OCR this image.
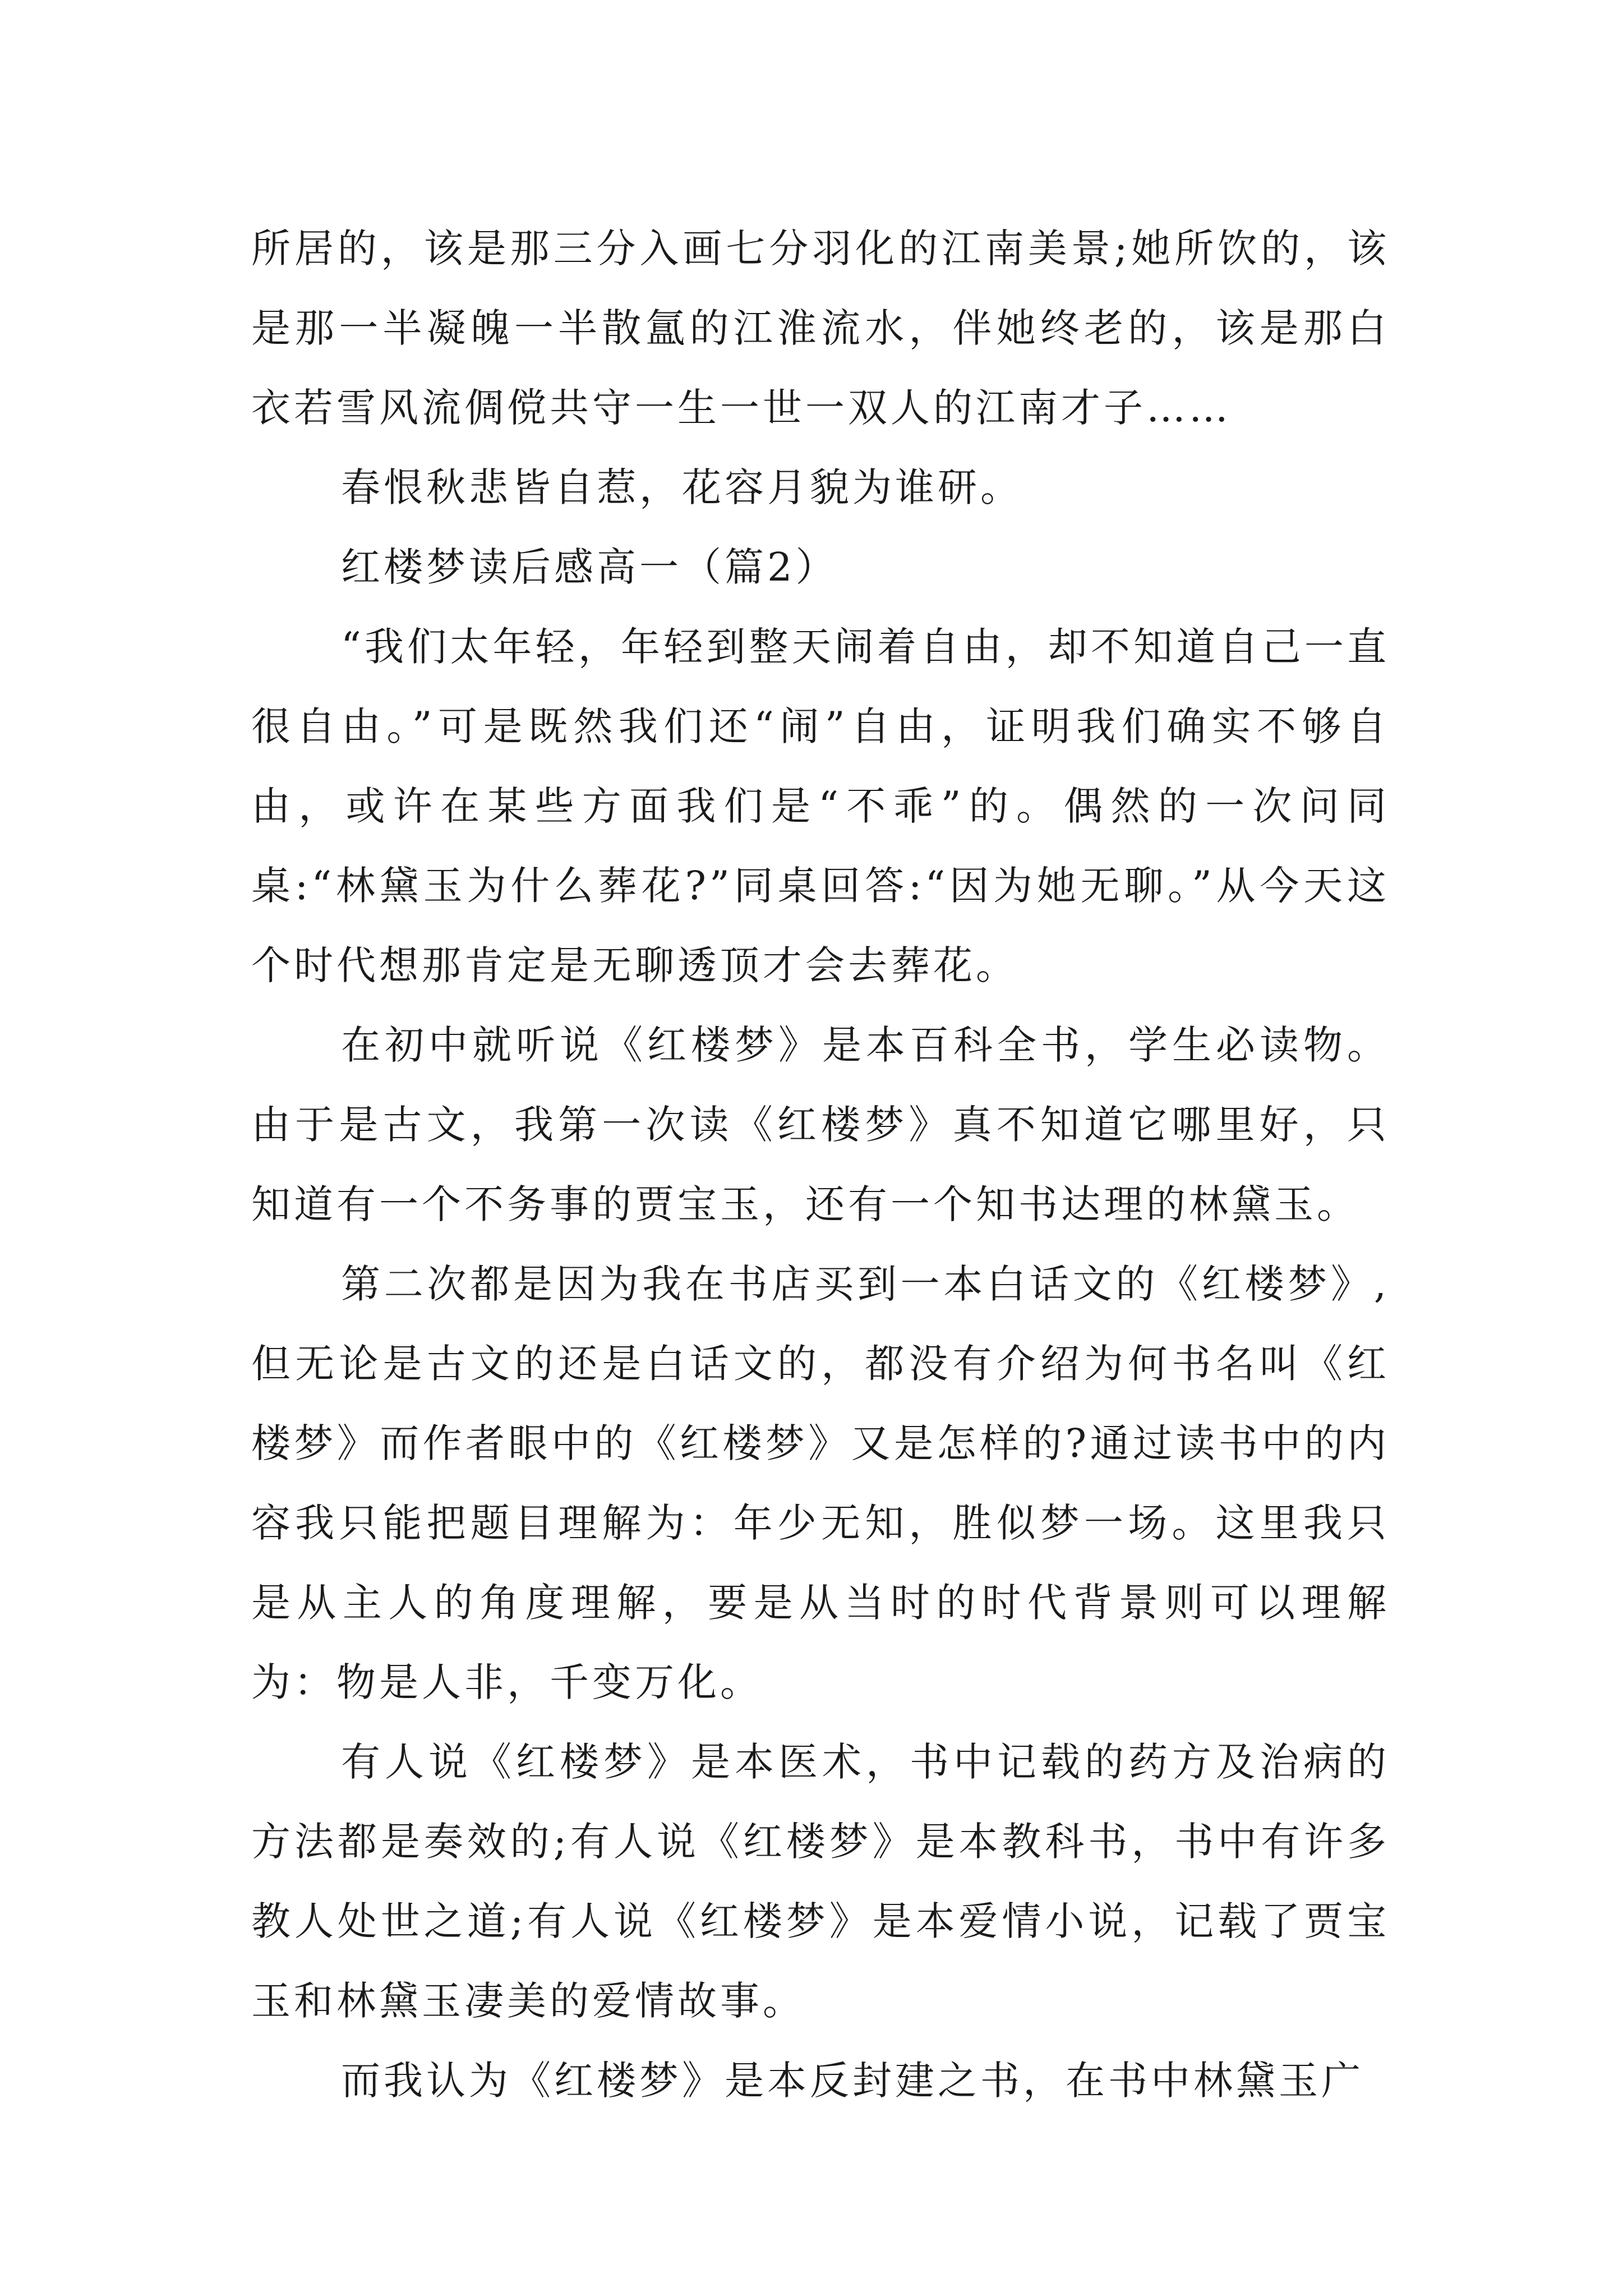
所居的，该是那三分入画七分羽化的江南美景;她所饮的，该是那一半凝魄一半散氲的江淮流水，伴她终老的，该是那白衣若雪风流倜傥共守一生一世一双人的江南才子……

春恨秋悲皆自惹，花容月貌为谁研。

红楼梦读后感高一（篇2）

“我们太年轻，年轻到整天闹着自由，却不知道自己一直很自由。”可是既然我们还“闹”自由，证明我们确实不够自由，或许在某些方面我们是“不乖”的。偶然的一次问同桌:“林黛玉为什么葬花?”同桌回答:“因为她无聊。”从今天这个时代想那肯定是无聊透顶才会去葬花。

在初中就听说《红楼梦》是本百科全书，学生必读物。由于是古文，我第一次读《红楼梦》真不知道它哪里好，只知道有一个不务事的贾宝玉，还有一个知书达理的林黛玉。

第二次都是因为我在书店买到一本白话文的《红楼梦》,但无论是古文的还是白话文的，都没有介绍为何书名叫《红楼梦》而作者眼中的《红楼梦》又是怎样的?通过读书中的内容我只能把题目理解为：年少无知，胜似梦一场。这里我只是从主人的角度理解，要是从当时的时代背景则可以理解为：物是人非，千变万化。

有人说《红楼梦》是本医术，书中记载的药方及治病的方法都是奏效的;有人说《红楼梦》是本教科书，书中有许多教人处世之道;有人说《红楼梦》是本爱情小说，记载了贾宝玉和林黛玉凄美的爱情故事。

而我认为《红楼梦》是本反封建之书，在书中林黛玉广
